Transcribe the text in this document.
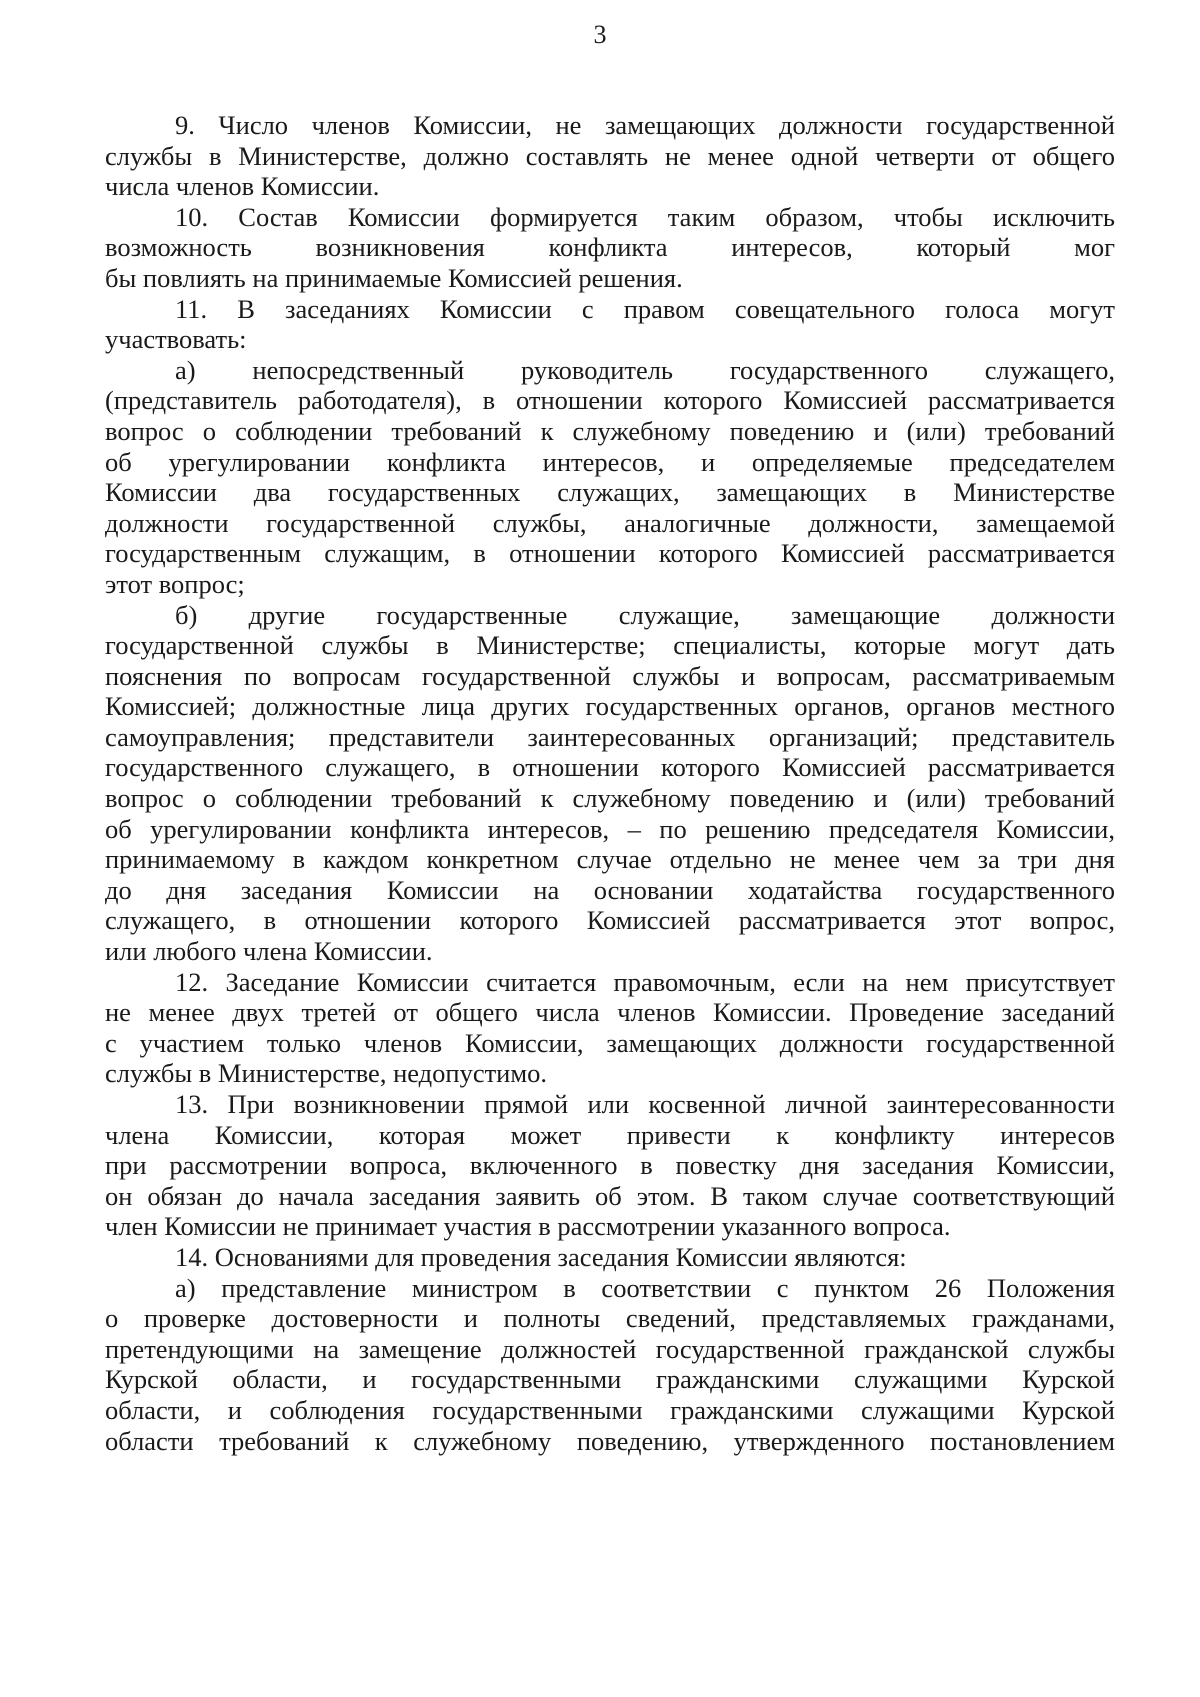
3

9. Число членов Комиссии, не замещающих должности государственной
службы в Министерстве, должно составлять не менее одной четверти от общего
числа членов Комиссии.

10. Состав Комиссии формируется таким образом, чтобы исключить
возможность возникновения конфликта интересов, который мог
бы повлиять на принимаемые Комиссией решения.

11. В заседаниях Комиссии с правом совещательного голоса могут
участвовать:

а) непосредственный руководитель государственного служащего,
(представитель работодателя), в отношении которого Комиссией рассматривается
вопрос о соблюдении требований к служебному поведению и (или) требований
об урегулировании конфликта интересов, и определяемые председателем
Комиссии два государственных служащих, замещающих в Министерстве
должности государственной службы, аналогичные должности, замещаемой
государственным служащим, в отношении которого Комиссией рассматривается
этот вопрос;

б) другие государственные служащие, замещающие должности
государственной службы в Министерстве; специалисты, которые могут дать
пояснения по вопросам государственной службы и вопросам, рассматриваемым
Комиссией; должностные лица других государственных органов, органов местного
самоуправления; представители заинтересованных организаций; представитель
государственного служащего, в отношении которого Комиссией рассматривается
вопрос о соблюдении требований к служебному поведению и (или) требований
об урегулировании конфликта интересов, – по решению председателя Комиссии,
принимаемому в каждом конкретном случае отдельно не менее чем за три дня
до дня заседания Комиссии на основании ходатайства государственного
служащего, в отношении которого Комиссией рассматривается этот вопрос,
или любого члена Комиссии.

12. Заседание Комиссии считается правомочным, если на нем присутствует
не менее двух третей от общего числа членов Комиссии. Проведение заседаний
с участием только членов Комиссии, замещающих должности государственной
службы в Министерстве, недопустимо.

13. При возникновении прямой или косвенной личной заинтересованности
члена Комиссии, которая может привести к конфликту интересов
при рассмотрении вопроса, включенного в повестку дня заседания Комиссии,
он обязан до начала заседания заявить об этом. В таком случае соответствующий
член Комиссии не принимает участия в рассмотрении указанного вопроса.

14. Основаниями для проведения заседания Комиссии являются:

а) представление министром в соответствии с пунктом 26 Положения
о проверке достоверности и полноты сведений, представляемых гражданами,
претендующими на замещение должностей государственной гражданской службы
Курской области, и государственными гражданскими служащими Курской
области, и соблюдения государственными гражданскими служащими Курской
области требований к служебному поведению, утвержденного постановлением
